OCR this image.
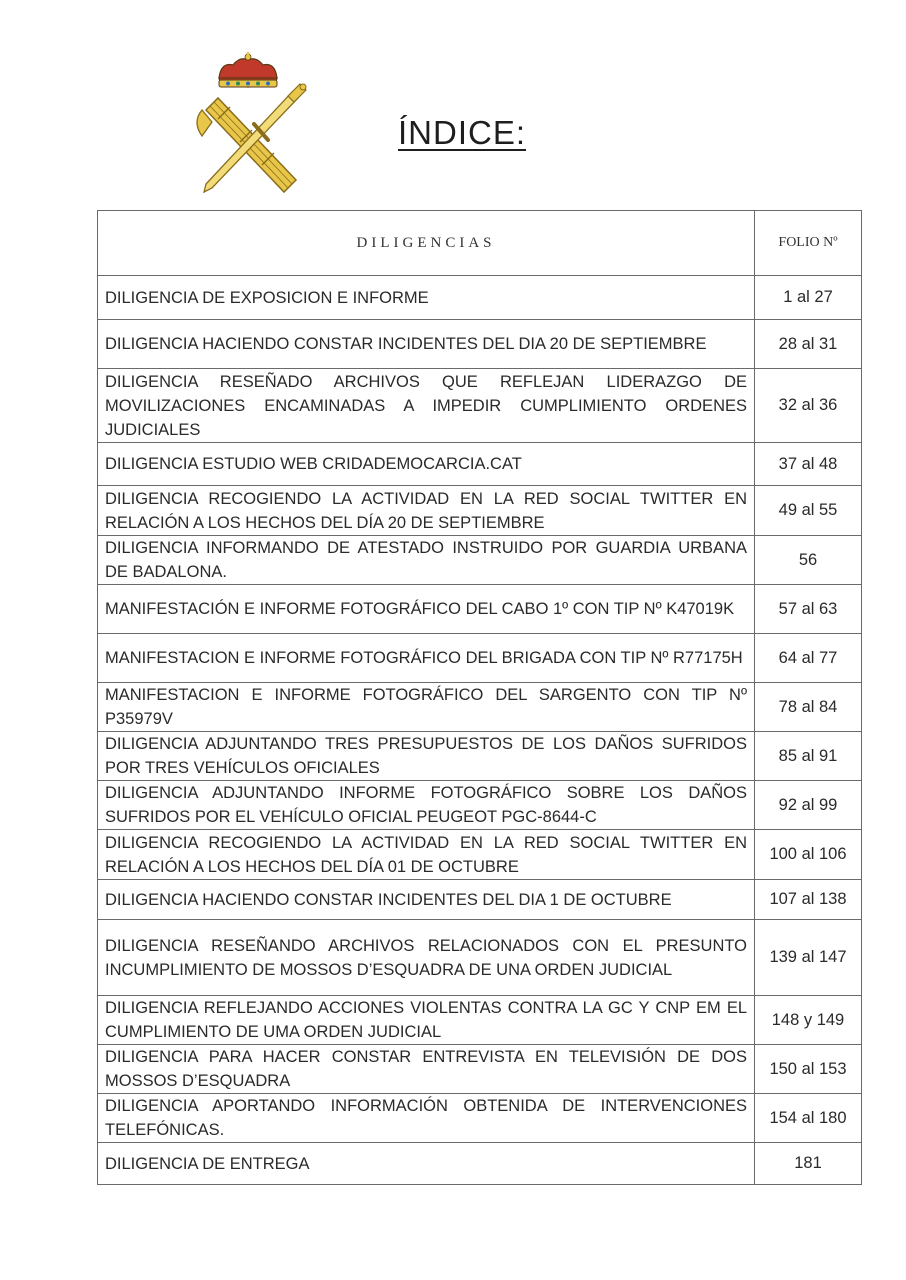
ÍNDICE:
DILIGENCIAS	FOLIO Nº
DILIGENCIA DE EXPOSICION E INFORME	1 al 27
DILIGENCIA HACIENDO CONSTAR INCIDENTES DEL DIA 20 DE SEPTIEMBRE	28 al 31
DILIGENCIA RESEÑADO ARCHIVOS QUE REFLEJAN LIDERAZGO DE MOVILIZACIONES ENCAMINADAS A IMPEDIR CUMPLIMIENTO ORDENES JUDICIALES	32 al 36
DILIGENCIA ESTUDIO WEB CRIDADEMOCARCIA.CAT	37 al 48
DILIGENCIA RECOGIENDO LA ACTIVIDAD EN LA RED SOCIAL TWITTER EN RELACIÓN A LOS HECHOS DEL DÍA 20 DE SEPTIEMBRE	49 al 55
DILIGENCIA INFORMANDO DE ATESTADO INSTRUIDO POR GUARDIA URBANA DE BADALONA.	56
MANIFESTACIÓN E INFORME FOTOGRÁFICO DEL CABO 1º CON TIP Nº K47019K	57 al 63
MANIFESTACION E INFORME FOTOGRÁFICO DEL BRIGADA CON TIP Nº R77175H	64 al 77
MANIFESTACION E INFORME FOTOGRÁFICO DEL SARGENTO CON TIP Nº P35979V	78 al 84
DILIGENCIA ADJUNTANDO TRES PRESUPUESTOS DE LOS DAÑOS SUFRIDOS POR TRES VEHÍCULOS OFICIALES	85 al 91
DILIGENCIA ADJUNTANDO INFORME FOTOGRÁFICO SOBRE LOS DAÑOS SUFRIDOS POR EL VEHÍCULO OFICIAL PEUGEOT PGC-8644-C	92 al 99
DILIGENCIA RECOGIENDO LA ACTIVIDAD EN LA RED SOCIAL TWITTER EN RELACIÓN A LOS HECHOS DEL DÍA 01 DE OCTUBRE	100 al 106
DILIGENCIA HACIENDO CONSTAR INCIDENTES DEL DIA 1 DE OCTUBRE	107 al 138
DILIGENCIA RESEÑANDO ARCHIVOS RELACIONADOS CON EL PRESUNTO INCUMPLIMIENTO DE MOSSOS D’ESQUADRA DE UNA ORDEN JUDICIAL	139 al 147
DILIGENCIA REFLEJANDO ACCIONES VIOLENTAS CONTRA LA GC Y CNP EM EL CUMPLIMIENTO DE UMA ORDEN JUDICIAL	148 y 149
DILIGENCIA PARA HACER CONSTAR ENTREVISTA EN TELEVISIÓN DE DOS MOSSOS D’ESQUADRA	150 al 153
DILIGENCIA APORTANDO INFORMACIÓN OBTENIDA DE INTERVENCIONES TELEFÓNICAS.	154 al 180
DILIGENCIA DE ENTREGA	181
